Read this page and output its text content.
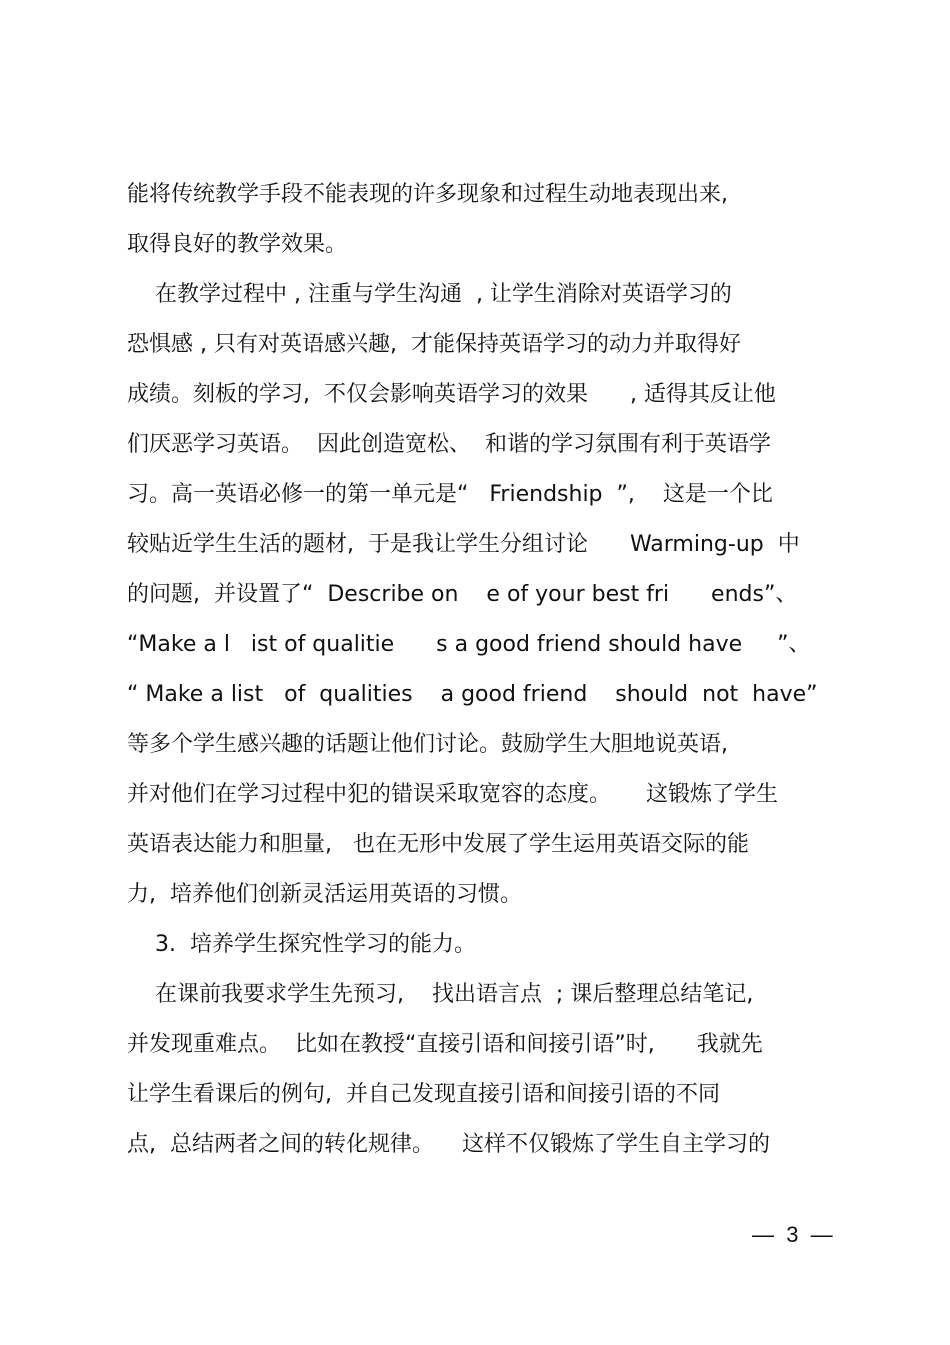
能将传统教学手段不能表现的许多现象和过程生动地表现出来,
取得良好的教学效果。
在教学过程中 , 注重与学生沟通  , 让学生消除对英语学习的
恐惧感 , 只有对英语感兴趣,  才能保持英语学习的动力并取得好
成绩。刻板的学习,  不仅会影响英语学习的效果      , 适得其反让他
们厌恶学习英语。  因此创造宽松、  和谐的学习氛围有利于英语学
习。高一英语必修一的第一单元是“   Friendship  ”,    这是一个比
较贴近学生生活的题材,  于是我让学生分组讨论      Warming-up  中
的问题,  并设置了“  Describe on    e of your best fri      ends”、
“Make a l   ist of qualitie      s a good friend should have     ”、
“ Make a list   of  qualities    a good friend    should  not  have”
等多个学生感兴趣的话题让他们讨论。鼓励学生大胆地说英语,
并对他们在学习过程中犯的错误采取宽容的态度。     这锻炼了学生
英语表达能力和胆量,   也在无形中发展了学生运用英语交际的能
力,  培养他们创新灵活运用英语的习惯。
3.  培养学生探究性学习的能力。
在课前我要求学生先预习,    找出语言点  ; 课后整理总结笔记,
并发现重难点。  比如在教授“直接引语和间接引语”时,      我就先
让学生看课后的例句,  并自己发现直接引语和间接引语的不同
点,  总结两者之间的转化规律。    这样不仅锻炼了学生自主学习的
—  3  —
